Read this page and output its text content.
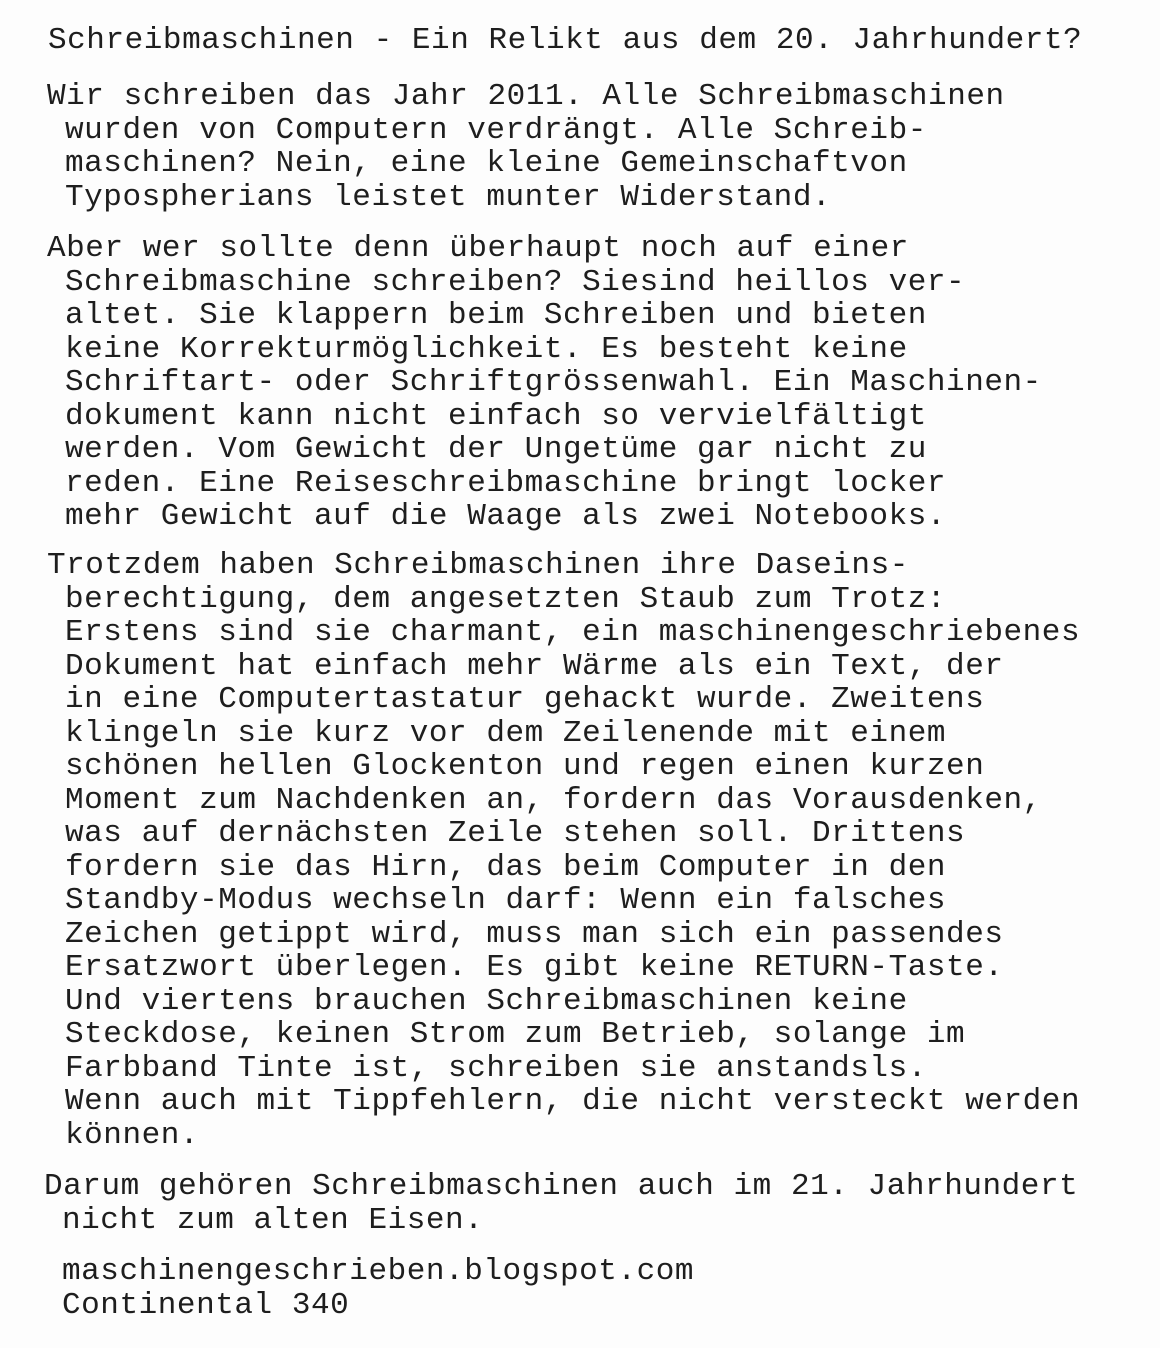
Schreibmaschinen - Ein Relikt aus dem 20. Jahrhundert?
Wir schreiben das Jahr 2011. Alle Schreibmaschinen
wurden von Computern verdrängt. Alle Schreib-
maschinen? Nein, eine kleine Gemeinschaftvon
Typospherians leistet munter Widerstand.
Aber wer sollte denn überhaupt noch auf einer
Schreibmaschine schreiben? Siesind heillos ver-
altet. Sie klappern beim Schreiben und bieten
keine Korrekturmöglichkeit. Es besteht keine
Schriftart- oder Schriftgrössenwahl. Ein Maschinen-
dokument kann nicht einfach so vervielfältigt
werden. Vom Gewicht der Ungetüme gar nicht zu
reden. Eine Reiseschreibmaschine bringt locker
mehr Gewicht auf die Waage als zwei Notebooks.
Trotzdem haben Schreibmaschinen ihre Daseins-
berechtigung, dem angesetzten Staub zum Trotz:
Erstens sind sie charmant, ein maschinengeschriebenes
Dokument hat einfach mehr Wärme als ein Text, der
in eine Computertastatur gehackt wurde. Zweitens
klingeln sie kurz vor dem Zeilenende mit einem
schönen hellen Glockenton und regen einen kurzen
Moment zum Nachdenken an, fordern das Vorausdenken,
was auf dernächsten Zeile stehen soll. Drittens
fordern sie das Hirn, das beim Computer in den
Standby-Modus wechseln darf: Wenn ein falsches
Zeichen getippt wird, muss man sich ein passendes
Ersatzwort überlegen. Es gibt keine RETURN-Taste.
Und viertens brauchen Schreibmaschinen keine
Steckdose, keinen Strom zum Betrieb, solange im
Farbband Tinte ist, schreiben sie anstandsls.
Wenn auch mit Tippfehlern, die nicht versteckt werden
können.
Darum gehören Schreibmaschinen auch im 21. Jahrhundert
nicht zum alten Eisen.
maschinengeschrieben.blogspot.com
Continental 340
